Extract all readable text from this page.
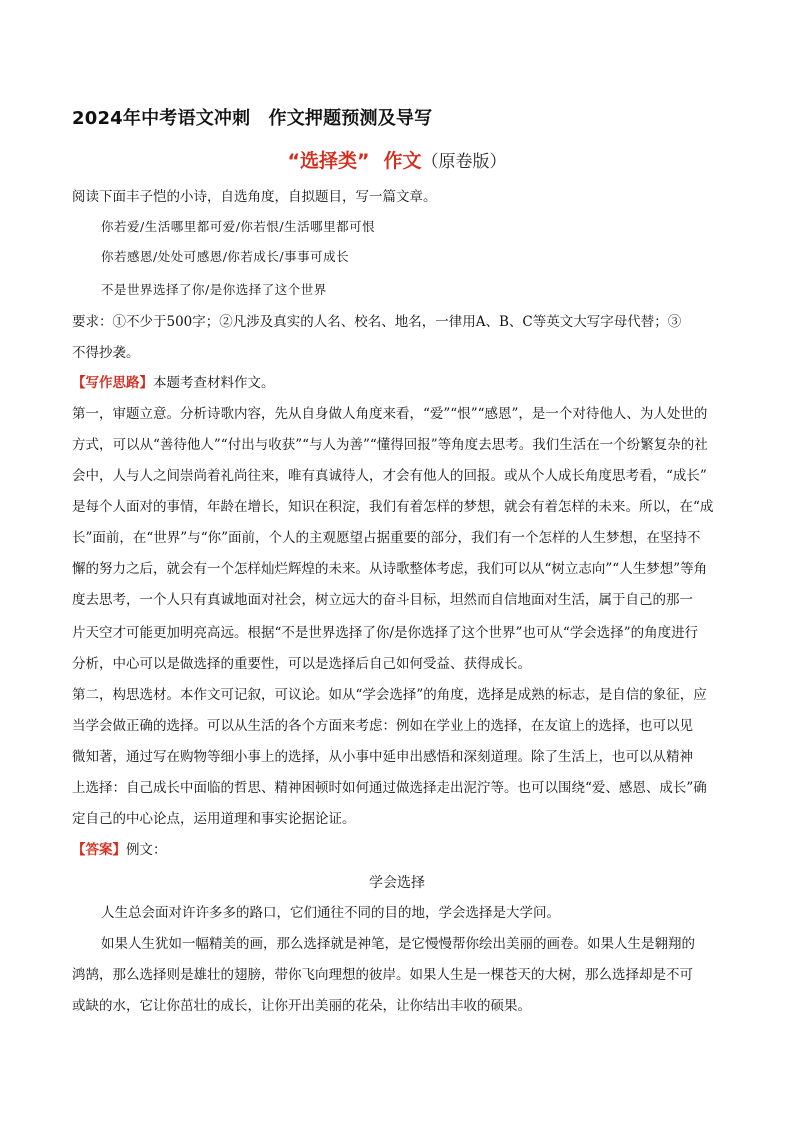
2024年中考语文冲刺　作文押题预测及导写
“选择类” 作文（原卷版）
阅读下面丰子恺的小诗，自选角度，自拟题目，写一篇文章。
你若爱/生活哪里都可爱/你若恨/生活哪里都可恨
你若感恩/处处可感恩/你若成长/事事可成长
不是世界选择了你/是你选择了这个世界
要求：①不少于500字；②凡涉及真实的人名、校名、地名，一律用A、B、C等英文大写字母代替；③
不得抄袭。
【写作思路】本题考查材料作文。
第一，审题立意。分析诗歌内容，先从自身做人角度来看，“爱”“恨”“感恩”，是一个对待他人、为人处世的
方式，可以从“善待他人”“付出与收获”“与人为善”“懂得回报”等角度去思考。我们生活在一个纷繁复杂的社
会中，人与人之间崇尚着礼尚往来，唯有真诚待人，才会有他人的回报。或从个人成长角度思考看，“成长”
是每个人面对的事情，年龄在增长，知识在积淀，我们有着怎样的梦想，就会有着怎样的未来。所以，在“成
长”面前，在“世界”与“你”面前，个人的主观愿望占据重要的部分，我们有一个怎样的人生梦想，在坚持不
懈的努力之后，就会有一个怎样灿烂辉煌的未来。从诗歌整体考虑，我们可以从“树立志向”“人生梦想”等角
度去思考，一个人只有真诚地面对社会，树立远大的奋斗目标，坦然而自信地面对生活，属于自己的那一
片天空才可能更加明亮高远。根据“不是世界选择了你/是你选择了这个世界”也可从“学会选择”的角度进行
分析，中心可以是做选择的重要性，可以是选择后自己如何受益、获得成长。
第二，构思选材。本作文可记叙，可议论。如从“学会选择”的角度，选择是成熟的标志，是自信的象征，应
当学会做正确的选择。可以从生活的各个方面来考虑：例如在学业上的选择，在友谊上的选择，也可以见
微知著，通过写在购物等细小事上的选择，从小事中延申出感悟和深刻道理。除了生活上，也可以从精神
上选择：自己成长中面临的哲思、精神困顿时如何通过做选择走出泥泞等。也可以围绕“爱、感恩、成长”确
定自己的中心论点，运用道理和事实论据论证。
【答案】例文：
学会选择
人生总会面对许许多多的路口，它们通往不同的目的地，学会选择是大学问。
如果人生犹如一幅精美的画，那么选择就是神笔，是它慢慢帮你绘出美丽的画卷。如果人生是翱翔的
鸿鹄，那么选择则是雄壮的翅膀，带你飞向理想的彼岸。如果人生是一棵苍天的大树，那么选择却是不可
或缺的水，它让你茁壮的成长，让你开出美丽的花朵，让你结出丰收的硕果。
